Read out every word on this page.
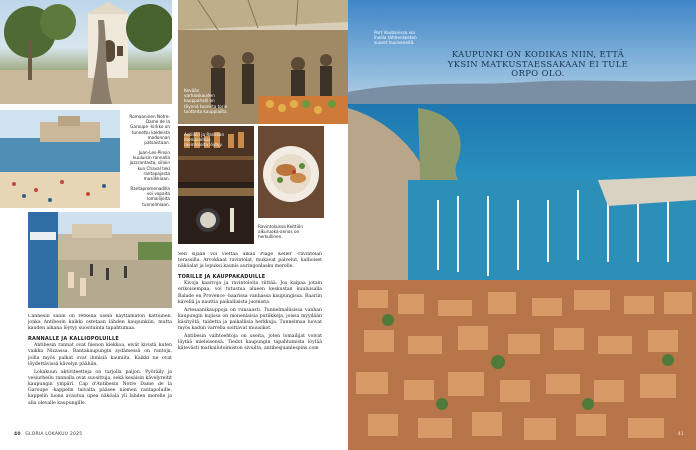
Romaaninen Notre-Dame de la Garoupe -kirkko on tunnettu kaldeista madonnan patsaistaan.
Juan-Les-Pinsin kuuluisin rannalla jazzrantasta, silloin kun Chaval teki rantapajasta musiikkiaan.
Rantapromenadilla voi vapaita lomailijoita tunnelmiaan.
Kevään varhaiskauden kauppahalli on täynnä tuoreita torin tuotteita kauppiailta.
Antiibin ja Ranskan monipuolisia ravintoloita löytyy.
Ravintolaissa Keittiön alkuruoka-annos on herkullinen.

Cannesin saliin on retkellä usein käyttämätön kattoinen, jonka Antibesin kaikki ostetaan lähden kaupunkiin, mutta kauden aikana löytyy suosituinta tapahtumaa.

RANNALLE JA KALLIOPOLUILLE

Antibesin rannat ovat hienon kiekkoa, eivät kivistä kuten vaikka Nizzassa. Rantakaupungin sydämessä on rantoja, joilla myös palkat ovat ihmisiä kauniita. Kaikki ne ovat löydettävissä kävelyn päähän.

Lokakuun aktiviteetteja on tarjolla paljon. Pyöräily ja vesiurheilu rannalla ovat suosittuja, sekä kesäisin kävelyreitit kaupungin ympäri. Cap d'Antibesin Notre Dame de la Garoupe -kappelin taivalta pääsee niemen rantapoluille, kappelin luona avautuu upea näköala yli lahden merelle ja alla olevalle kaupungille.

Sen sijaan voi viettää aikaa Plage Keller -ravintolan terassilla. Arvokkaat ravintolat, mukavat palvelut, kallioiset näköalat ja lopuksi kaunis auringonlasku merelle.

TORILLE JA KAUPPAKADUILLE

Kivoja kaarroja ja ravintoloita riittää. Jos kaipaa jotain erikoisempaa, voi tutustua alueen keskustan kuuluisalla Balade en Provence -baarissa vanhassa kaupungissa. Baariin kävellä ja nauttia paikallisista juomista.

Artesaanikauppoja on runsaasti. Tunnelmallisissa vanhan kaupungin kujissa on monenlaisia putiikkeja, joissa myydään käsityötä, taidetta ja paikallisia herkkuja. Tunnelmaa luovat myös kadun varrella soittavat muusikot.

Antibesin vaihtoehtoja on useita, joten lomailijat voivat löytää mieleisensä. Tiedot kaupungin tapahtumista löytää kätevästi matkailutoimiston sivuilta. antibesjuanlespins.com

40 GLORIA LOKAKUU 2025
Port Vaubanissa voi ihailla tähtienlaisten suuret huviveneitä.
41
KAUPUNKI ON KODIKAS NIIN, ETTÄ YKSIN MATKUSTAESSAKAAN EI TULE ORPO OLO.
